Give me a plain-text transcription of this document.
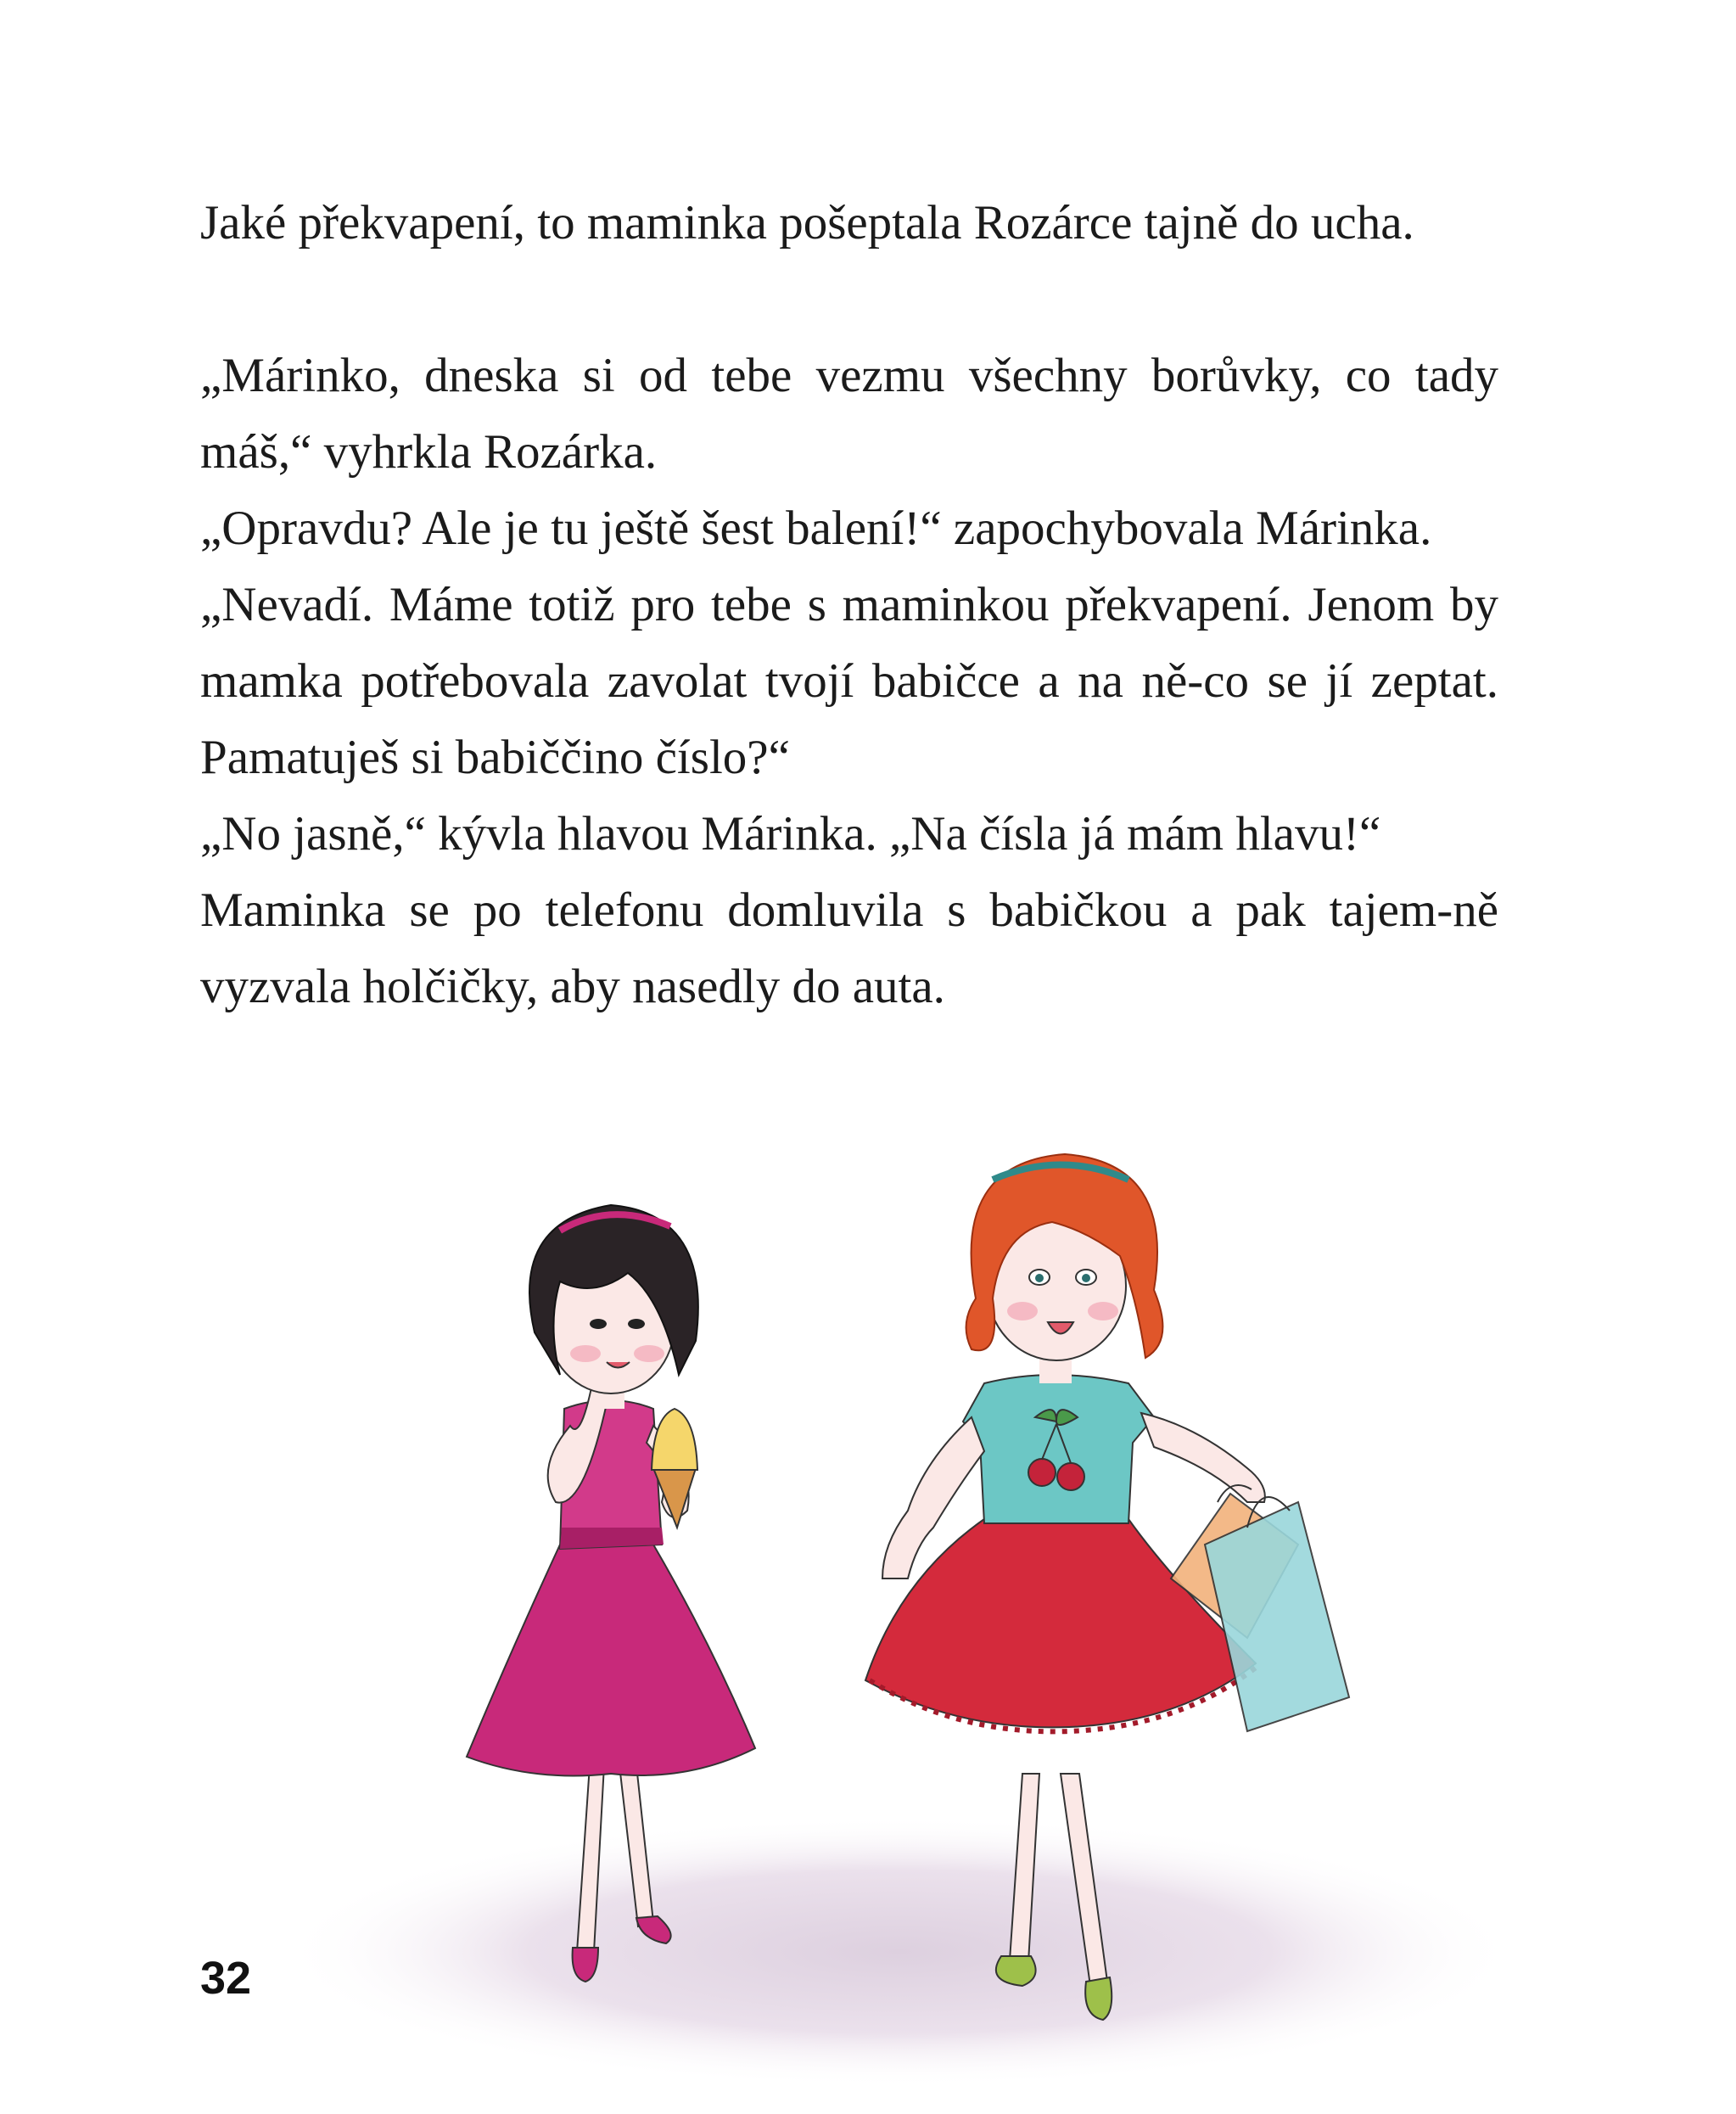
Jaké překvapení, to maminka pošeptala Rozárce tajně do ucha.

„Márinko, dneska si od tebe vezmu všechny borůvky, co tady máš,“ vyhrkla Rozárka.

„Opravdu? Ale je tu ještě šest balení!“ zapochybovala Márinka.

„Nevadí. Máme totiž pro tebe s maminkou překvapení. Jenom by mamka potřebovala zavolat tvojí babičce a na ně-co se jí zeptat. Pamatuješ si babiččino číslo?“

„No jasně,“ kývla hlavou Márinka. „Na čísla já mám hlavu!“

Maminka se po telefonu domluvila s babičkou a pak tajem-ně vyzvala holčičky, aby nasedly do auta.

32
